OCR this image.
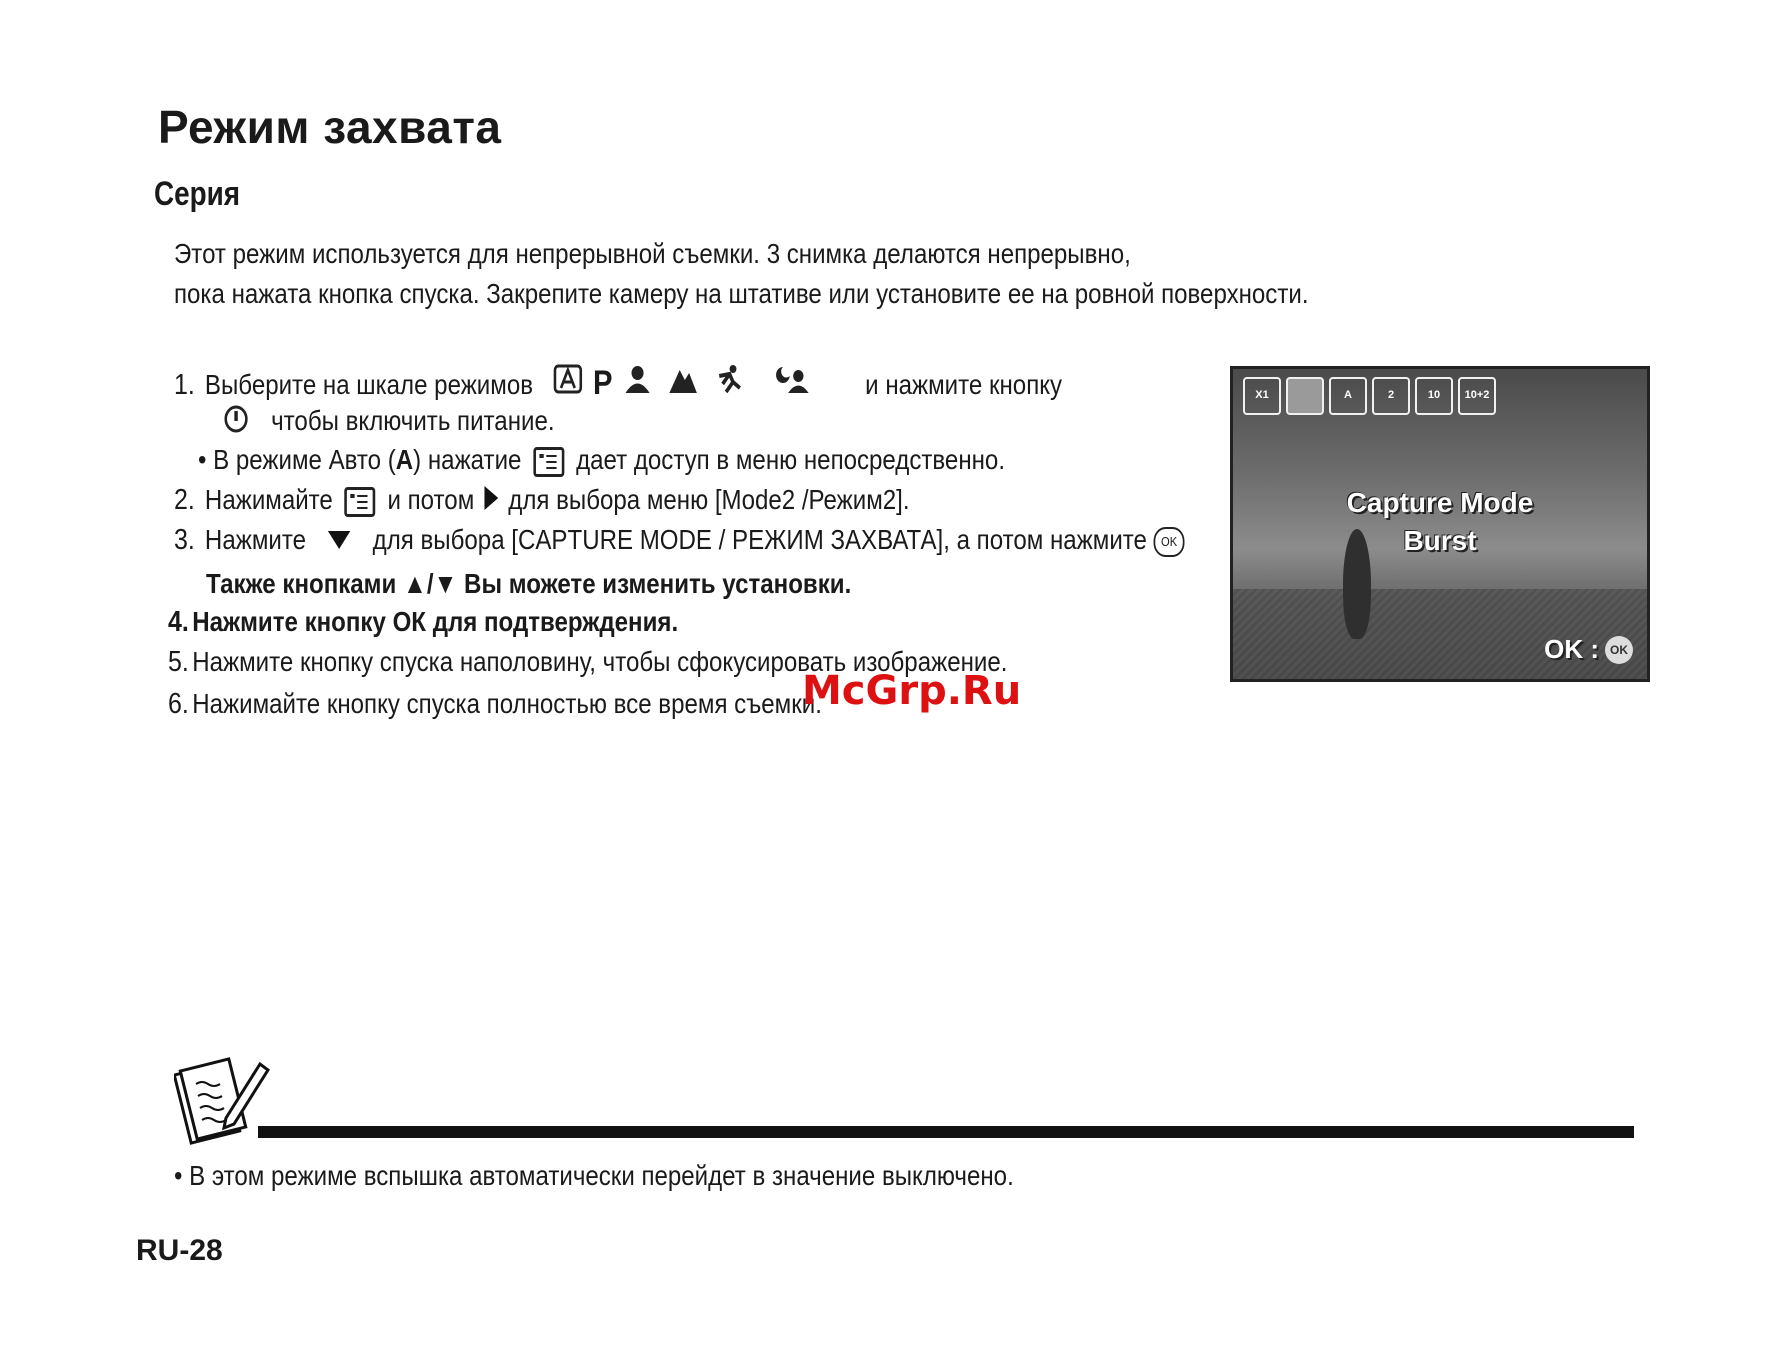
Режим захвата
Серия
Этот режим используется для непрерывной съемки. 3 снимка делаются непрерывно,
пока нажата кнопка спуска. Закрепите камеру на штативе или установите ее на ровной поверхности.
1. Выберите на шкале режимов P	и нажмите кнопку
чтобы включить питание.
• В режиме Авто (A) нажатие дает доступ в меню непосредственно.
2. Нажимайте и потом для выбора меню [Mode2 /Режим2].
3. Нажмите для выбора [CAPTURE MODE / РЕЖИМ ЗАХВАТА], а потом нажмите OK
Также кнопками ▲/▼ Вы можете изменить установки.
4. Нажмите кнопку ОК для подтверждения.
5. Нажмите кнопку спуска наполовину, чтобы сфокусировать изображение.
6. Нажимайте кнопку спуска полностью все время съемки.
X1	A	2	10	10+2
Capture Mode
Burst
OK : OK
McGrp.Ru
• В этом режиме вспышка автоматически перейдет в значение выключено.
RU-28
